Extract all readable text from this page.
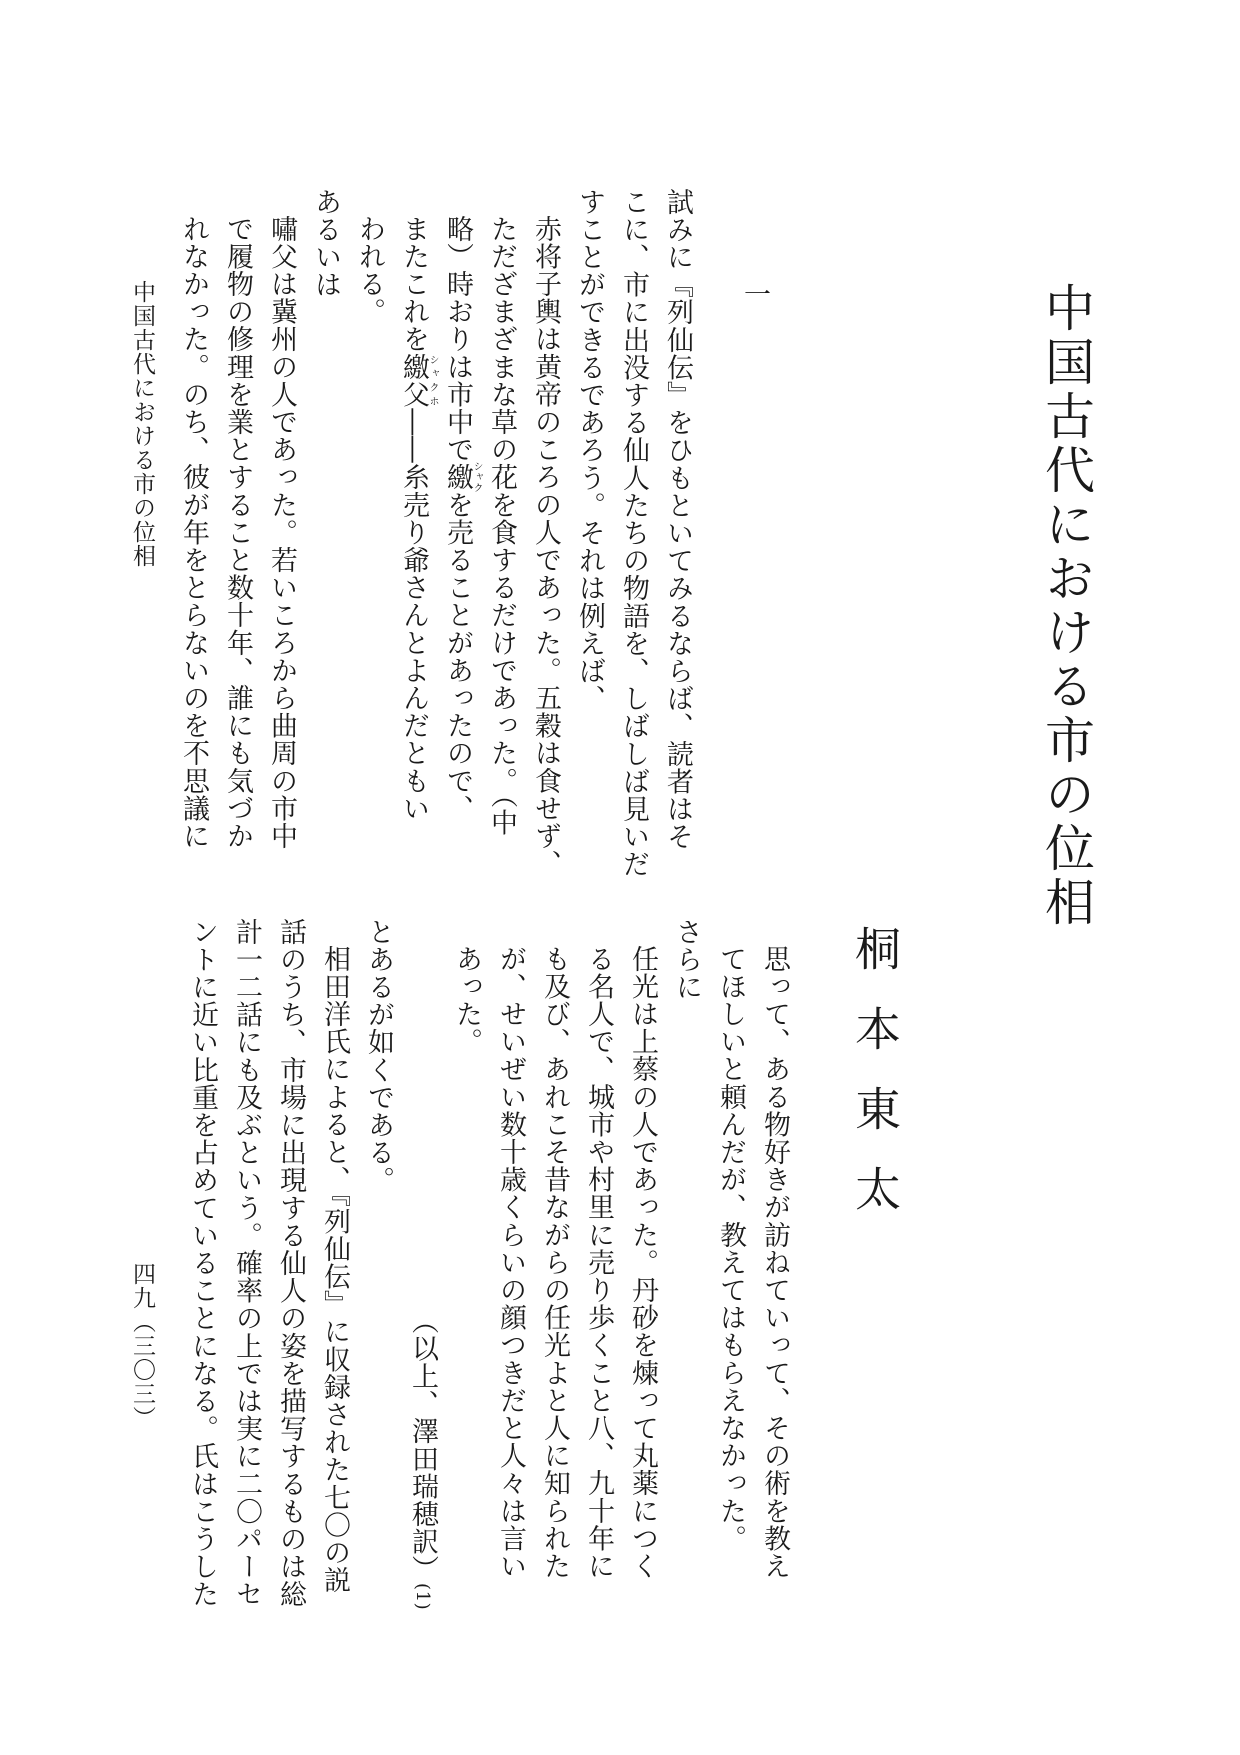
中国古代における市の位相
桐本東太
一
試みに『列仙伝』をひもといてみるならば、読者はそ
こに、市に出没する仙人たちの物語を、しばしば見いだ
すことができるであろう。それは例えば、
赤将子輿は黄帝のころの人であった。五穀は食せず、
ただざまざまな草の花を食するだけであった。（中
略）時おりは市中で繳シャクを売ることがあったので、
またこれを繳父シャクホ――糸売り爺さんとよんだともい
われる。
あるいは
嘯父は冀州の人であった。若いころから曲周の市中
で履物の修理を業とすること数十年、誰にも気づか
れなかった。のち、彼が年をとらないのを不思議に
思って、ある物好きが訪ねていって、その術を教え
てほしいと頼んだが、教えてはもらえなかった。
さらに
任光は上蔡の人であった。丹砂を煉って丸薬につく
る名人で、城市や村里に売り歩くこと八、九十年に
も及び、あれこそ昔ながらの任光よと人に知られた
が、せいぜい数十歳くらいの顔つきだと人々は言い
あった。
（以上、澤田瑞穂訳）(1)
とあるが如くである。
相田洋氏によると、『列仙伝』に収録された七〇の説
話のうち、市場に出現する仙人の姿を描写するものは総
計一二話にも及ぶという。確率の上では実に二〇パーセ
ントに近い比重を占めていることになる。氏はこうした
中国古代における市の位相
四九（三〇三）
